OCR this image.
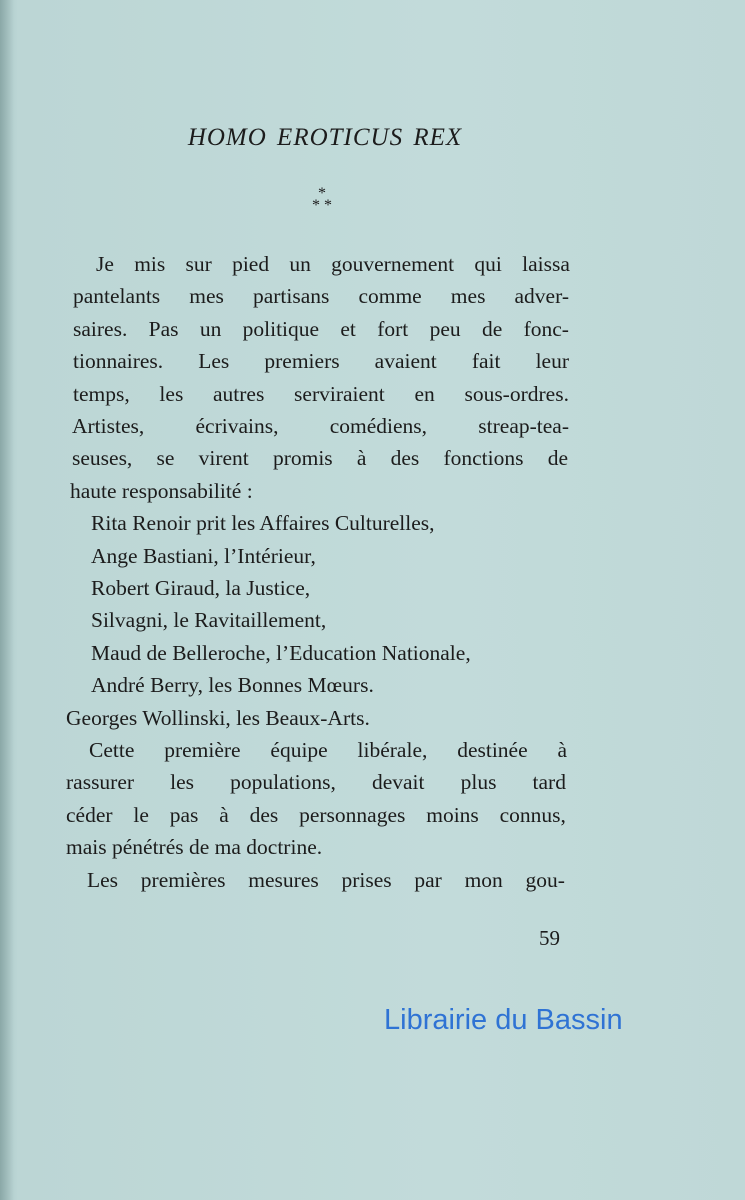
HOMO EROTICUS REX
*
* *
Je mis sur pied un gouvernement qui laissa
pantelants mes partisans comme mes adver-
saires. Pas un politique et fort peu de fonc-
tionnaires. Les premiers avaient fait leur
temps, les autres serviraient en sous-ordres.
Artistes, écrivains, comédiens, streap-tea-
seuses, se virent promis à des fonctions de
haute responsabilité :
Rita Renoir prit les Affaires Culturelles,
Ange Bastiani, l’Intérieur,
Robert Giraud, la Justice,
Silvagni, le Ravitaillement,
Maud de Belleroche, l’Education Nationale,
André Berry, les Bonnes Mœurs.
Georges Wollinski, les Beaux-Arts.
Cette première équipe libérale, destinée à
rassurer les populations, devait plus tard
céder le pas à des personnages moins connus,
mais pénétrés de ma doctrine.
Les premières mesures prises par mon gou-
59
Librairie du Bassin
